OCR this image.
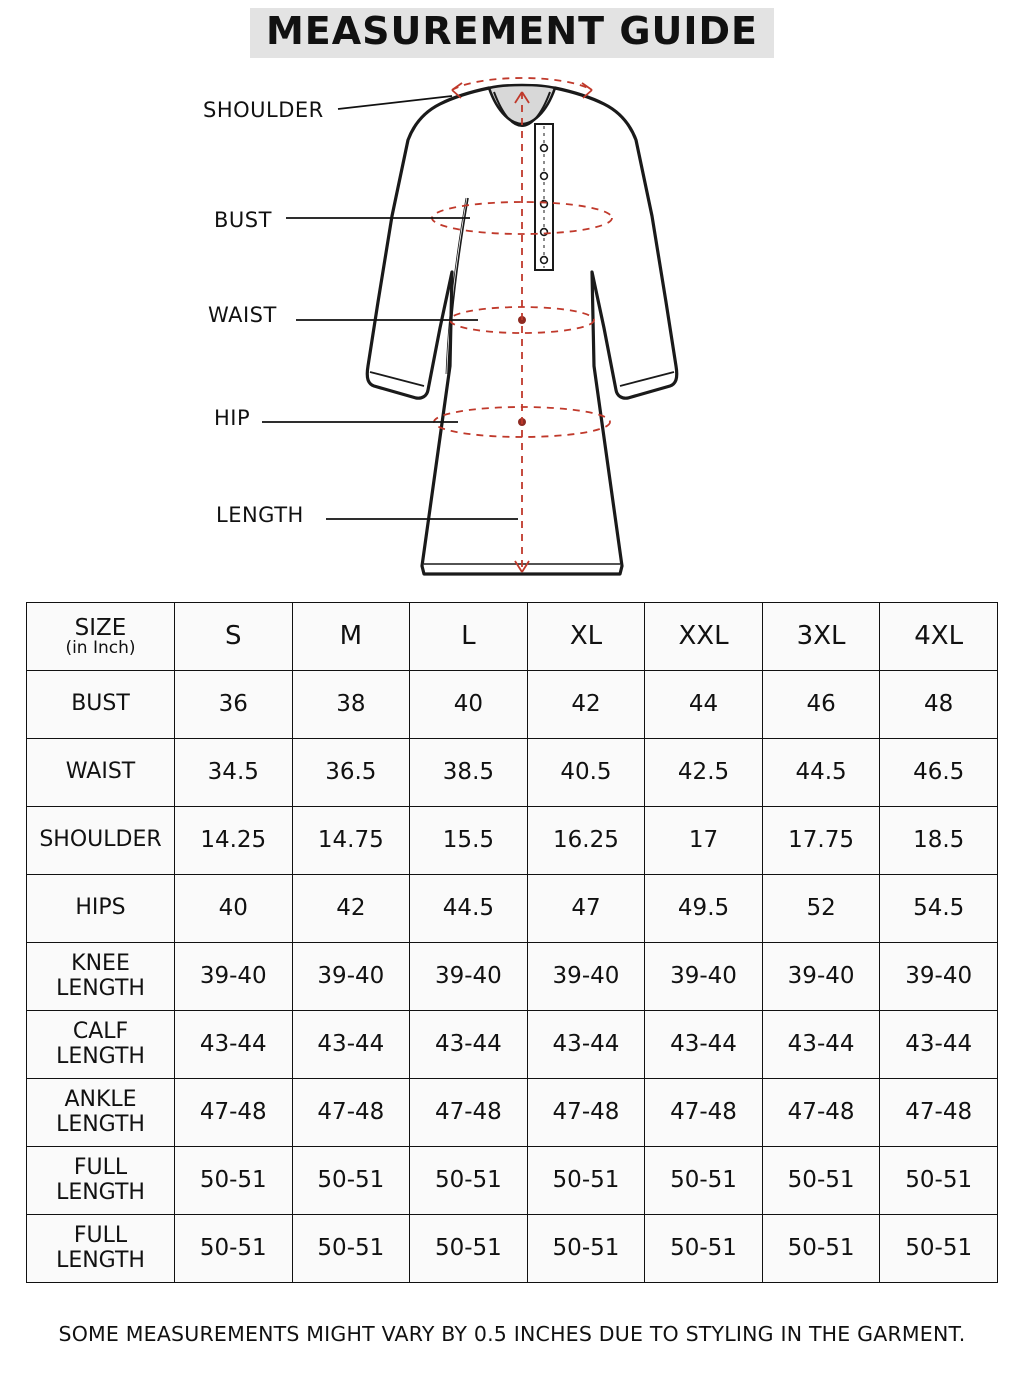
MEASUREMENT GUIDE
SHOULDER
BUST
WAIST
HIP
LENGTH
SIZE
(in Inch)	S	M	L	XL	XXL	3XL	4XL

BUST	36	38	40	42	44	46	48

WAIST	34.5	36.5	38.5	40.5	42.5	44.5	46.5

SHOULDER	14.25	14.75	15.5	16.25	17	17.75	18.5

HIPS	40	42	44.5	47	49.5	52	54.5

KNEE
LENGTH	39-40	39-40	39-40	39-40	39-40	39-40	39-40

CALF
LENGTH	43-44	43-44	43-44	43-44	43-44	43-44	43-44

ANKLE
LENGTH	47-48	47-48	47-48	47-48	47-48	47-48	47-48

FULL
LENGTH	50-51	50-51	50-51	50-51	50-51	50-51	50-51

FULL
LENGTH	50-51	50-51	50-51	50-51	50-51	50-51	50-51
SOME MEASUREMENTS MIGHT VARY BY 0.5 INCHES DUE TO STYLING IN THE GARMENT.
